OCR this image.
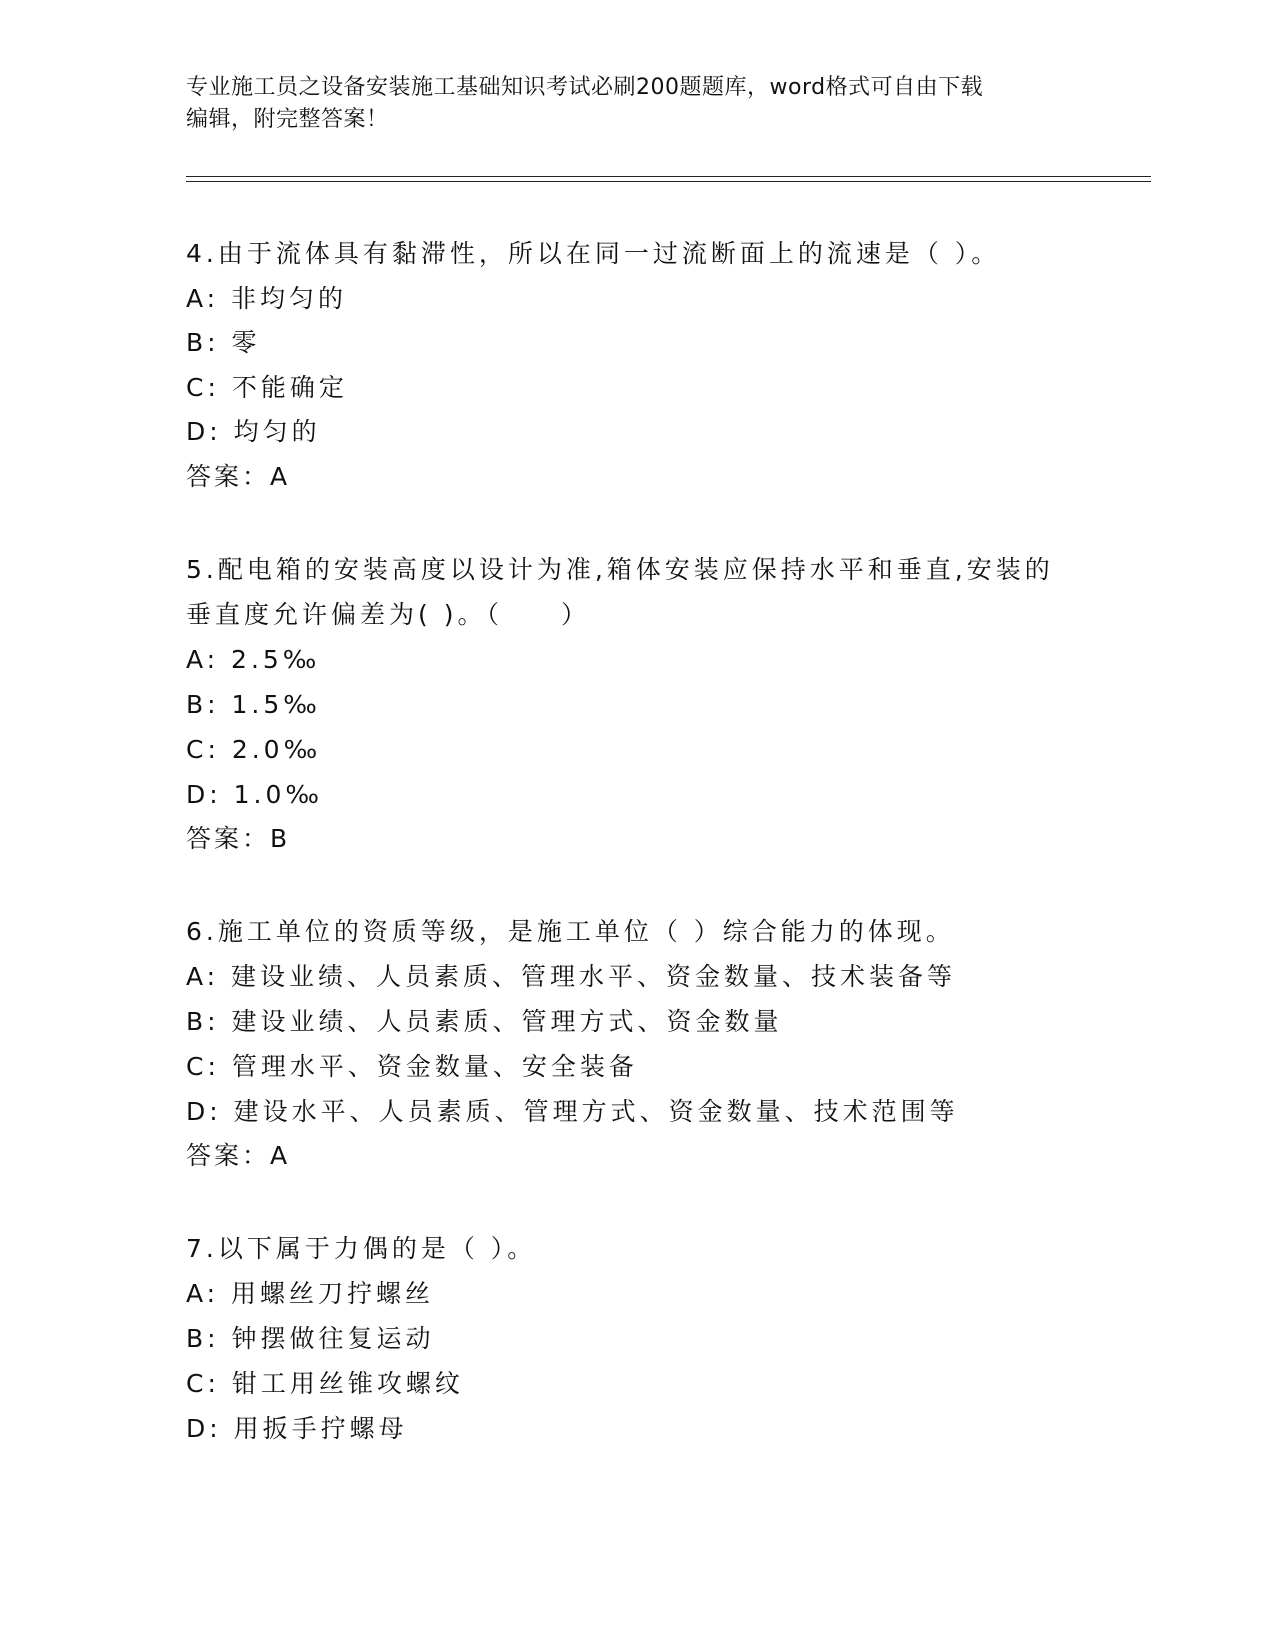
专业施工员之设备安装施工基础知识考试必刷200题题库，word格式可自由下载
编辑，附完整答案！
4.由于流体具有黏滞性，所以在同一过流断面上的流速是（ ）。
A: 非均匀的
B: 零
C: 不能确定
D: 均匀的
答案：A
5.配电箱的安装高度以设计为准,箱体安装应保持水平和垂直,安装的
垂直度允许偏差为( )。（　　）
A: 2.5‰
B: 1.5‰
C: 2.0‰
D: 1.0‰
答案：B
6.施工单位的资质等级，是施工单位（ ）综合能力的体现。
A: 建设业绩、人员素质、管理水平、资金数量、技术装备等
B: 建设业绩、人员素质、管理方式、资金数量
C: 管理水平、资金数量、安全装备
D: 建设水平、人员素质、管理方式、资金数量、技术范围等
答案：A
7.以下属于力偶的是（ ）。
A: 用螺丝刀拧螺丝
B: 钟摆做往复运动
C: 钳工用丝锥攻螺纹
D: 用扳手拧螺母
